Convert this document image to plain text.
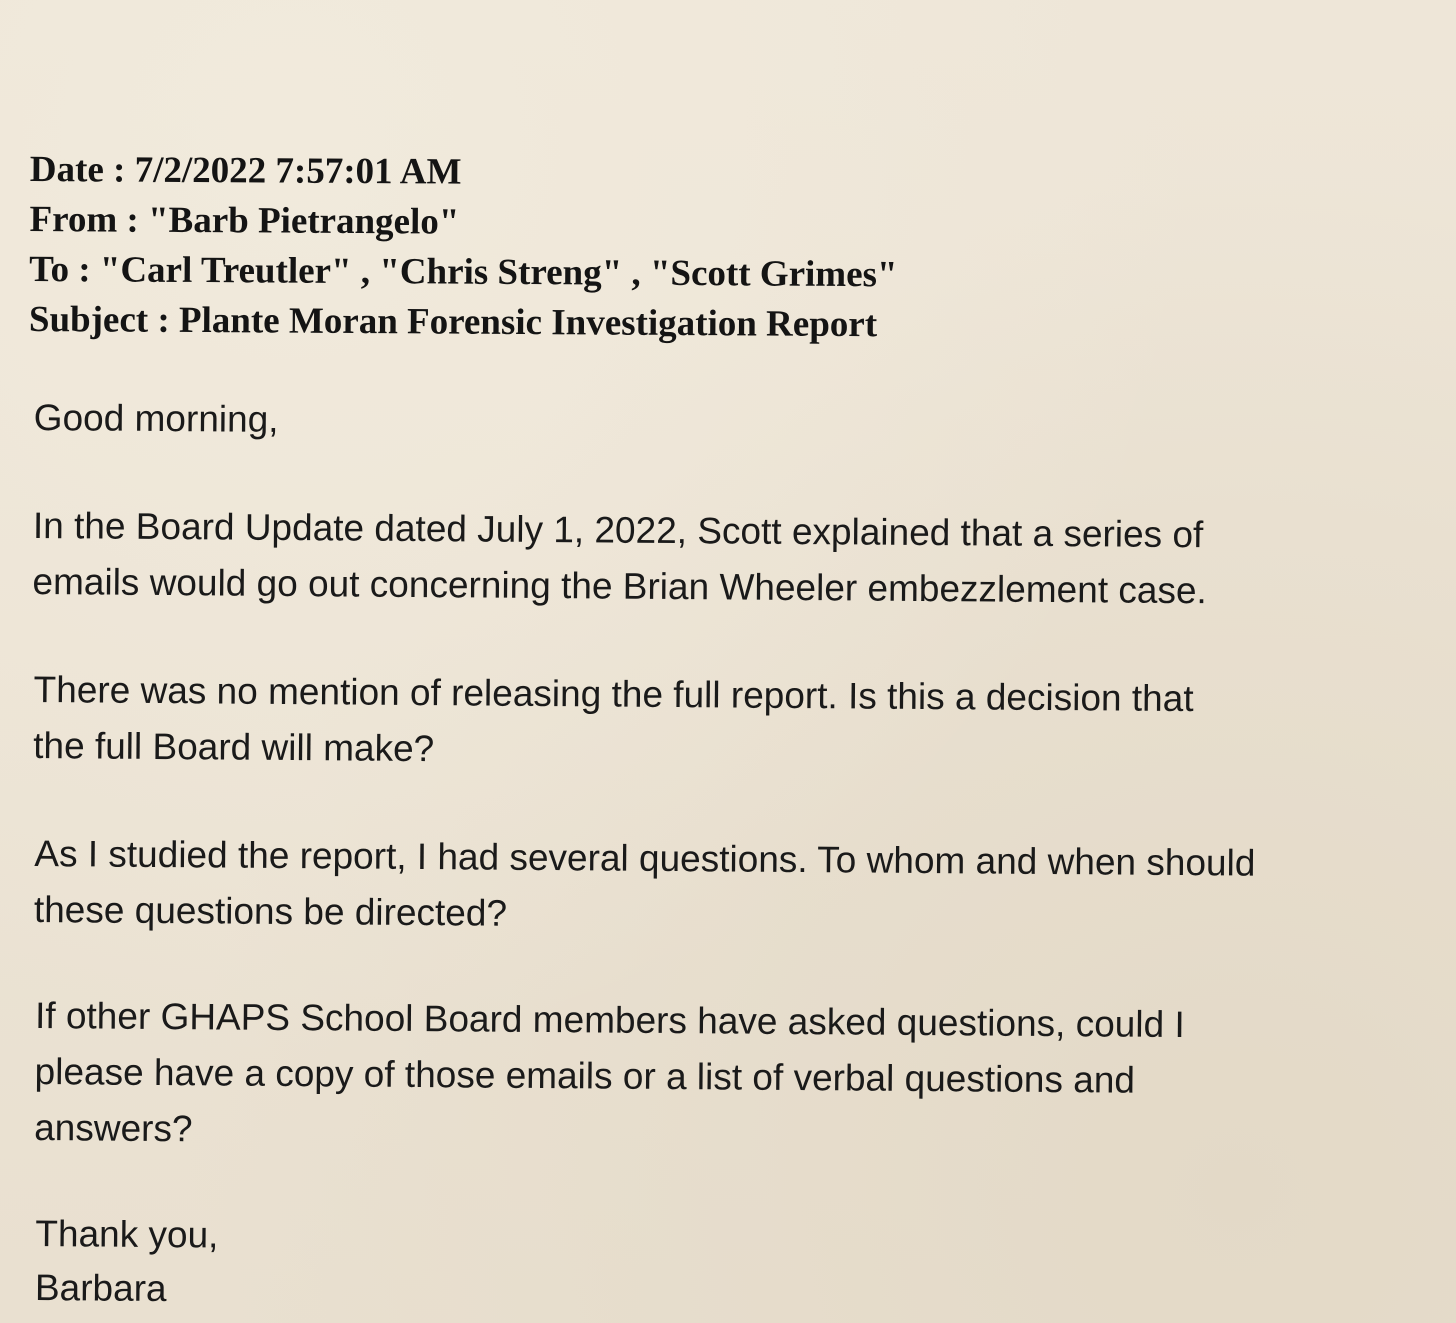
Date : 7/2/2022 7:57:01 AM
From : "Barb Pietrangelo"
To : "Carl Treutler" , "Chris Streng" , "Scott Grimes"
Subject : Plante Moran Forensic Investigation Report

Good morning,

In the Board Update dated July 1, 2022, Scott explained that a series of
emails would go out concerning the Brian Wheeler embezzlement case.

There was no mention of releasing the full report. Is this a decision that
the full Board will make?

As I studied the report, I had several questions. To whom and when should
these questions be directed?

If other GHAPS School Board members have asked questions, could I
please have a copy of those emails or a list of verbal questions and
answers?

Thank you,

Barbara
